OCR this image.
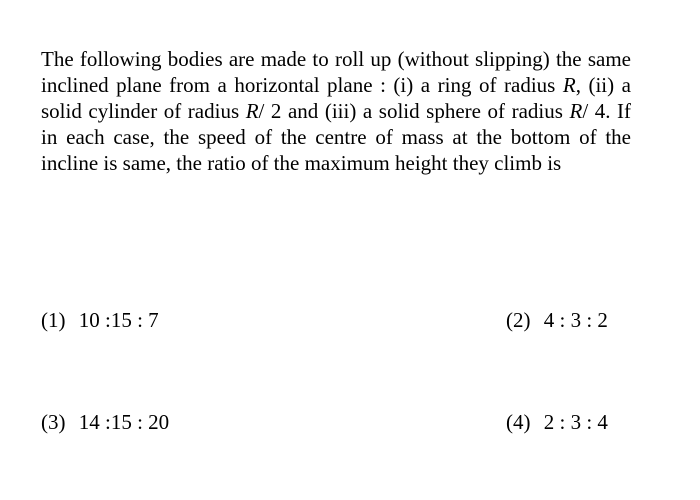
The following bodies are made to roll up (without slipping) the same inclined plane from a horizontal plane : (i) a ring of radius R, (ii) a solid cylinder of radius R/ 2 and (iii) a solid sphere of radius R/ 4. If in each case, the speed of the centre of mass at the bottom of the incline is same, the ratio of the maximum height they climb is

(1) 10 :15 : 7	(2) 4 : 3 : 2
(3) 14 :15 : 20	(4) 2 : 3 : 4
